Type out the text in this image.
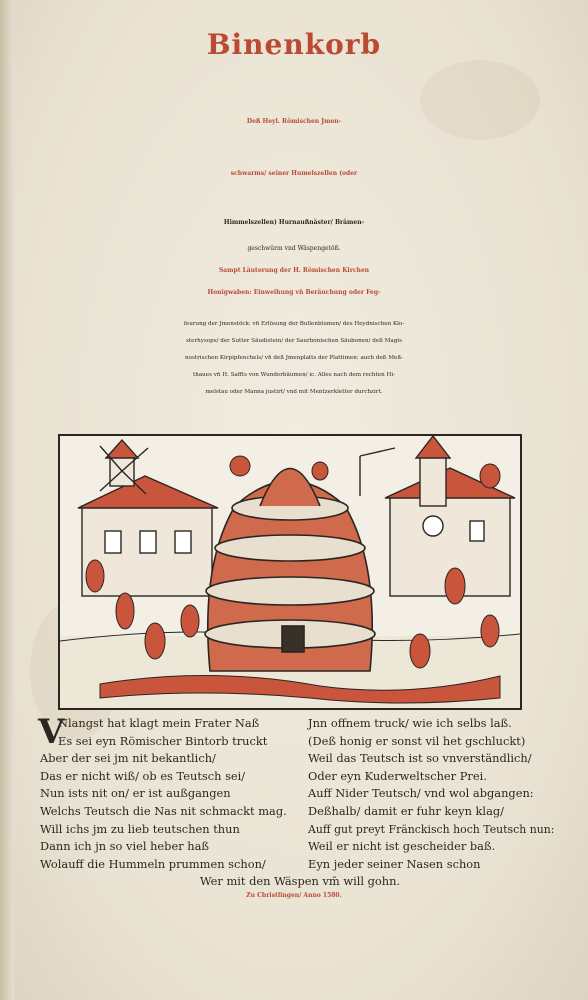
Binenkorb
Deß Heyl. Römischen Jmen-
schwarms/ seiner Humelszellen (oder
Himmelszellen) Hurnaußnäster/ Brämen-
geschwürm vnd Wäspengetöß.
Sampt Läuterung der H. Römischen Kirchen
Honigwaben: Einweihung vn̄ Beräuchung oder Feg-
feurung der Jmenstöck: vn̄ Erlösung der Bullenblumen/ des Heydnischen Klo-
sterhysops/ der Sutter Säudistein/ der Saurbonischen Säubonen/ deß Magis
nostrischen Kirpipfenchels/ vn̄ deß Jmenplatts der Plattimen: auch deß Meß-
thaues vn̄ H. Saffts von Wunderbäumen/ ic. Alles nach dem rechten Hi-
melstau oder Manna justirt/ vnd mit Mentzerkletter durchzirt.
V
Nlangst hat klagt mein Frater Naß	Jnn offnem truck/ wie ich selbs laß.
Es sei eyn Römischer Bintorb truckt	(Deß honig er sonst vil het gschluckt)
Aber der sei jm nit bekantlich/	Weil das Teutsch ist so vnverständlich/
Das er nicht wiß/ ob es Teutsch sei/	Oder eyn Kuderweltscher Prei.
Nun ists nit on/ er ist außgangen	Auff Nider Teutsch/ vnd wol abgangen:
Welchs Teutsch die Nas nit schmackt mag. Deßhalb/ damit er fuhr keyn klag/
Will ichs jm zu lieb teutschen thun	Auff gut preyt Fränckisch hoch Teutsch nun:
Dann ich jn so viel heber haß	Weil er nicht ist gescheider baß.
Wolauff die Hummeln prummen schon/	Eyn jeder seiner Nasen schon
Wer mit den Wäspen vm̄ will gohn.
Zu Christlingen/ Anno 1580.
